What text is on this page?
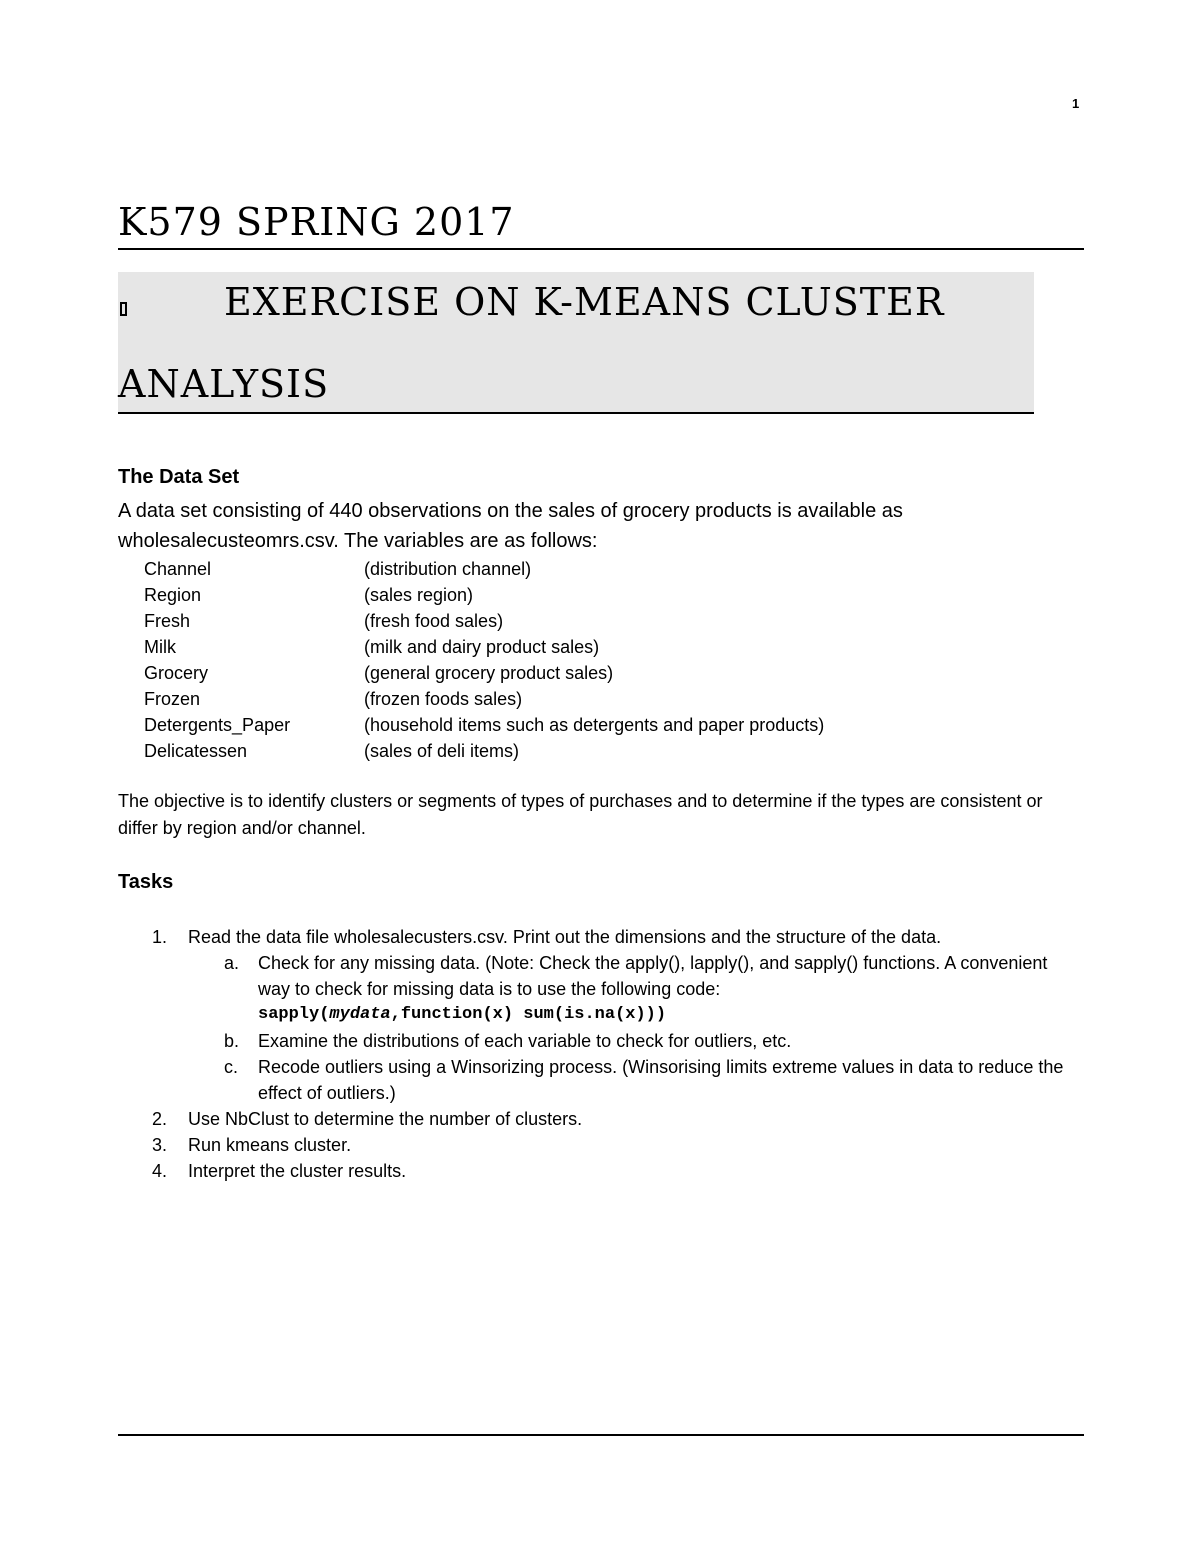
1
K579 SPRING 2017
EXERCISE ON K-MEANS CLUSTER
ANALYSIS
The Data Set

A data set consisting of 440 observations on the sales of grocery products is available as wholesalecusteomrs.csv. The variables are as follows:

Channel	(distribution channel)
Region	(sales region)
Fresh	(fresh food sales)
Milk	(milk and dairy product sales)
Grocery	(general grocery product sales)
Frozen	(frozen foods sales)
Detergents_Paper	(household items such as detergents and paper products)
Delicatessen	(sales of deli items)

The objective is to identify clusters or segments of types of purchases and to determine if the types are consistent or differ by region and/or channel.

Tasks
1.	Read the data file wholesalecusters.csv. Print out the dimensions and the structure of the data.
a.	Check for any missing data. (Note: Check the apply(), lapply(), and sapply() functions. A convenient way to check for missing data is to use the following code:
sapply(mydata,function(x) sum(is.na(x)))
b.	Examine the distributions of each variable to check for outliers, etc.
c.	Recode outliers using a Winsorizing process. (Winsorising limits extreme values in data to reduce the effect of outliers.)
2.	Use NbClust to determine the number of clusters.
3.	Run kmeans cluster.
4.	Interpret the cluster results.
